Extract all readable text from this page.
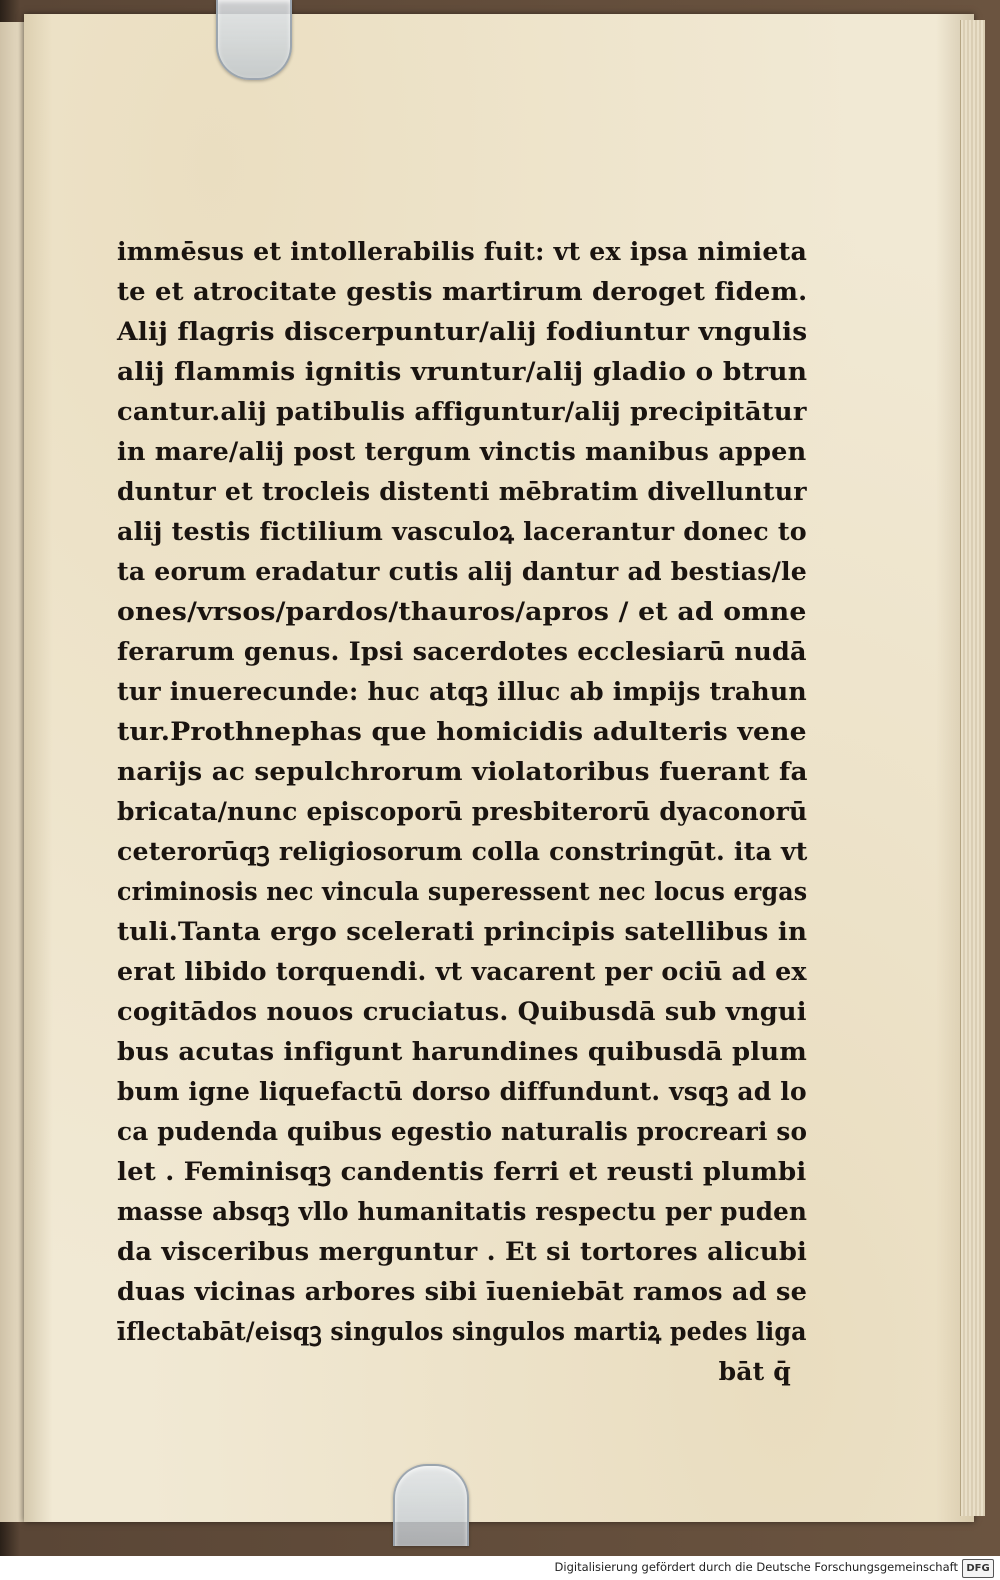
immēsus et intollerabilis fuit: vt ex ipsa nimieta
te et atrocitate gestis martirum deroget fidem.
Alij flagris discerpuntur/alij fodiuntur vngulis
alij flammis ignitis vruntur/alij gladio o btrun
cantur.alij patibulis affiguntur/alij precipitātur
in mare/alij post tergum vinctis manibus appen
duntur et trocleis distenti mēbratim divelluntur
alij testis fictilium vasculoꝝ lacerantur donec to
ta eorum eradatur cutis alij dantur ad bestias/le
ones/vrsos/pardos/thauros/apros / et ad omne
ferarum genus. Ipsi sacerdotes ecclesiarū nudā
tur inuerecunde: huc atqꝫ illuc ab impijs trahun
tur.Prothnephas que homicidis adulteris vene
narijs ac sepulchrorum violatoribus fuerant fa
bricata/nunc episcoporū presbiterorū dyaconorū
ceterorūqꝫ religiosorum colla constringūt. ita vt
criminosis nec vincula superessent nec locus ergas
tuli.Tanta ergo scelerati principis satellibus in
erat libido torquendi. vt vacarent per ociū ad ex
cogitādos nouos cruciatus. Quibusdā sub vngui
bus acutas infigunt harundines quibusdā plum
bum igne liquefactū dorso diffundunt. vsqꝫ ad lo
ca pudenda quibus egestio naturalis procreari so
let . Feminisqꝫ candentis ferri et reusti plumbi
masse absqꝫ vllo humanitatis respectu per puden
da visceribus merguntur . Et si tortores alicubi
duas vicinas arbores sibi īueniebāt ramos ad se
īflectabāt/eisqꝫ singulos singulos martiꝝ pedes liga
bāt q̄
Digitalisierung gefördert durch die Deutsche Forschungsgemeinschaft DFG
